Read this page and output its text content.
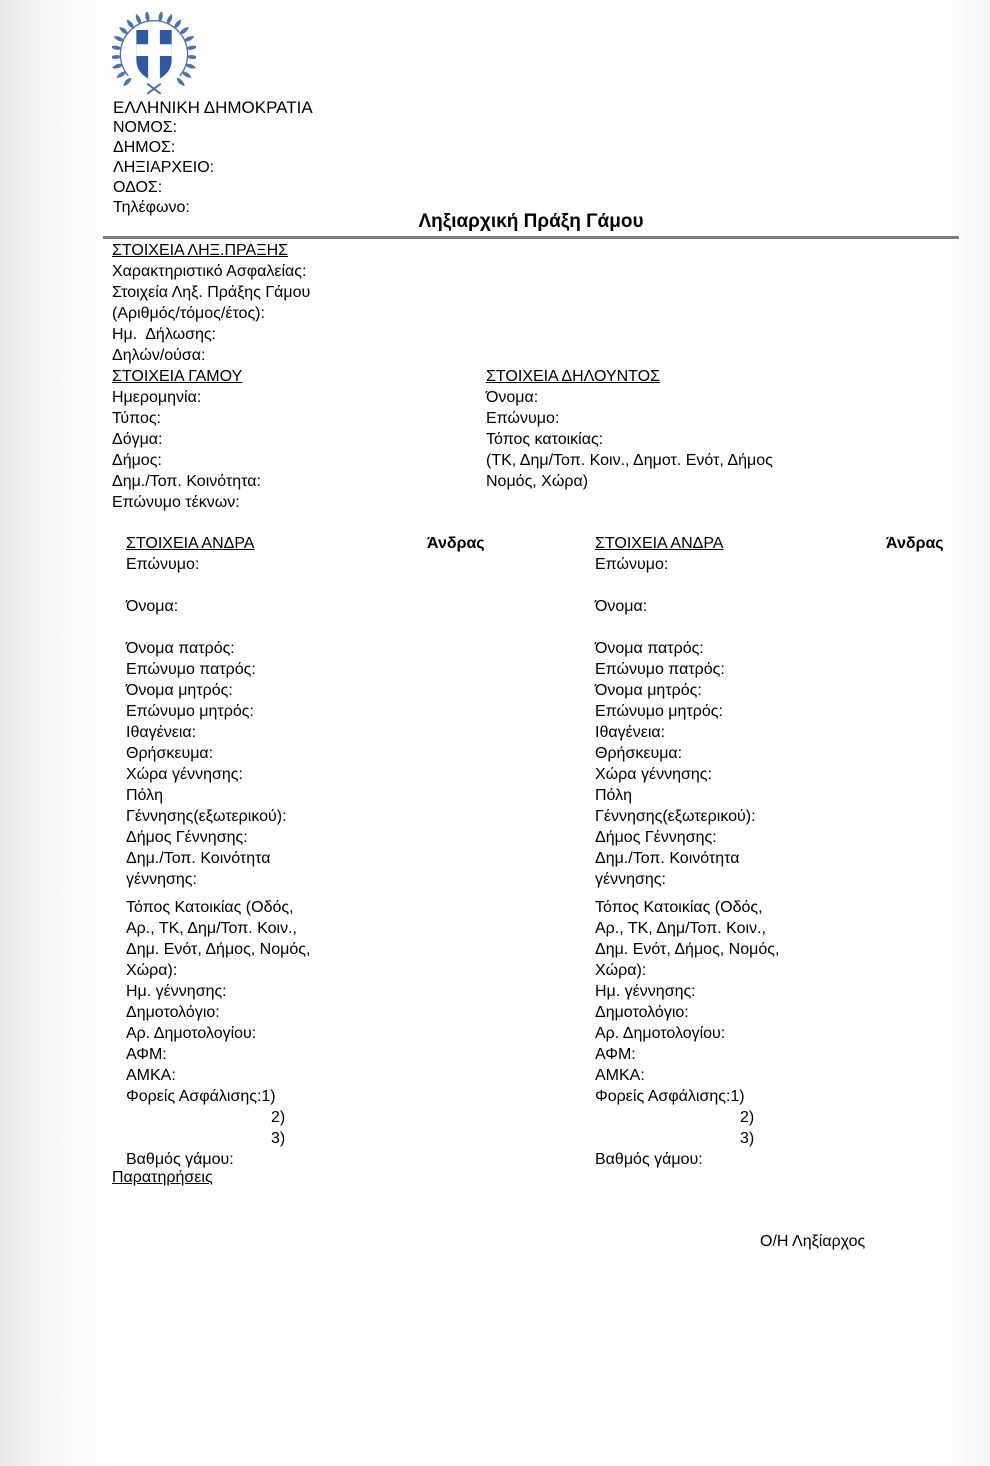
ΕΛΛΗΝΙΚΗ ΔΗΜΟΚΡΑΤΙΑ
ΝΟΜΟΣ:
ΔΗΜΟΣ:
ΛΗΞΙΑΡΧΕΙΟ:
ΟΔΟΣ:
Τηλέφωνο:
Ληξιαρχική Πράξη Γάμου
ΣΤΟΙΧΕΙΑ ΛΗΞ.ΠΡΑΞΗΣ
Χαρακτηριστικό Ασφαλείας:
Στοιχεία Ληξ. Πράξης Γάμου
(Αριθμός/τόμος/έτος):
Ημ.  Δήλωσης:
Δηλών/ούσα:
ΣΤΟΙΧΕΙΑ ΓΑΜΟΥ
Ημερομηνία:
Τύπος:
Δόγμα:
Δήμος:
Δημ./Τοπ. Κοινότητα:
Επώνυμο τέκνων:
ΣΤΟΙΧΕΙΑ ΔΗΛΟΥΝΤΟΣ
Όνομα:
Επώνυμο:
Τόπος κατοικίας:
(ΤΚ, Δημ/Τοπ. Κοιν., Δημοτ. Ενότ, Δήμος
Νομός, Χώρα)
ΣΤΟΙΧΕΙΑ ΑΝΔΡΑ	Άνδρας
Επώνυμο:

Όνομα:

Όνομα πατρός:
Επώνυμο πατρός:
Όνομα μητρός:
Επώνυμο μητρός:
Ιθαγένεια:
Θρήσκευμα:
Χώρα γέννησης:
Πόλη
Γέννησης(εξωτερικού):
Δήμος Γέννησης:
Δημ./Τοπ. Κοινότητα
γέννησης:
Τόπος Κατοικίας (Οδός,
Αρ., ΤΚ, Δημ/Τοπ. Κοιν.,
Δημ. Ενότ, Δήμος, Νομός,
Χώρα):
Ημ. γέννησης:
Δημοτολόγιο:
Αρ. Δημοτολογίου:
ΑΦΜ:
ΑΜΚΑ:
Φορείς Ασφάλισης:1)
2)
3)
Βαθμός γάμου:
ΣΤΟΙΧΕΙΑ ΑΝΔΡΑ	Άνδρας
Επώνυμο:

Όνομα:

Όνομα πατρός:
Επώνυμο πατρός:
Όνομα μητρός:
Επώνυμο μητρός:
Ιθαγένεια:
Θρήσκευμα:
Χώρα γέννησης:
Πόλη
Γέννησης(εξωτερικού):
Δήμος Γέννησης:
Δημ./Τοπ. Κοινότητα
γέννησης:
Τόπος Κατοικίας (Οδός,
Αρ., ΤΚ, Δημ/Τοπ. Κοιν.,
Δημ. Ενότ, Δήμος, Νομός,
Χώρα):
Ημ. γέννησης:
Δημοτολόγιο:
Αρ. Δημοτολογίου:
ΑΦΜ:
ΑΜΚΑ:
Φορείς Ασφάλισης:1)
2)
3)
Βαθμός γάμου:
Παρατηρήσεις
Ο/Η Ληξίαρχος
